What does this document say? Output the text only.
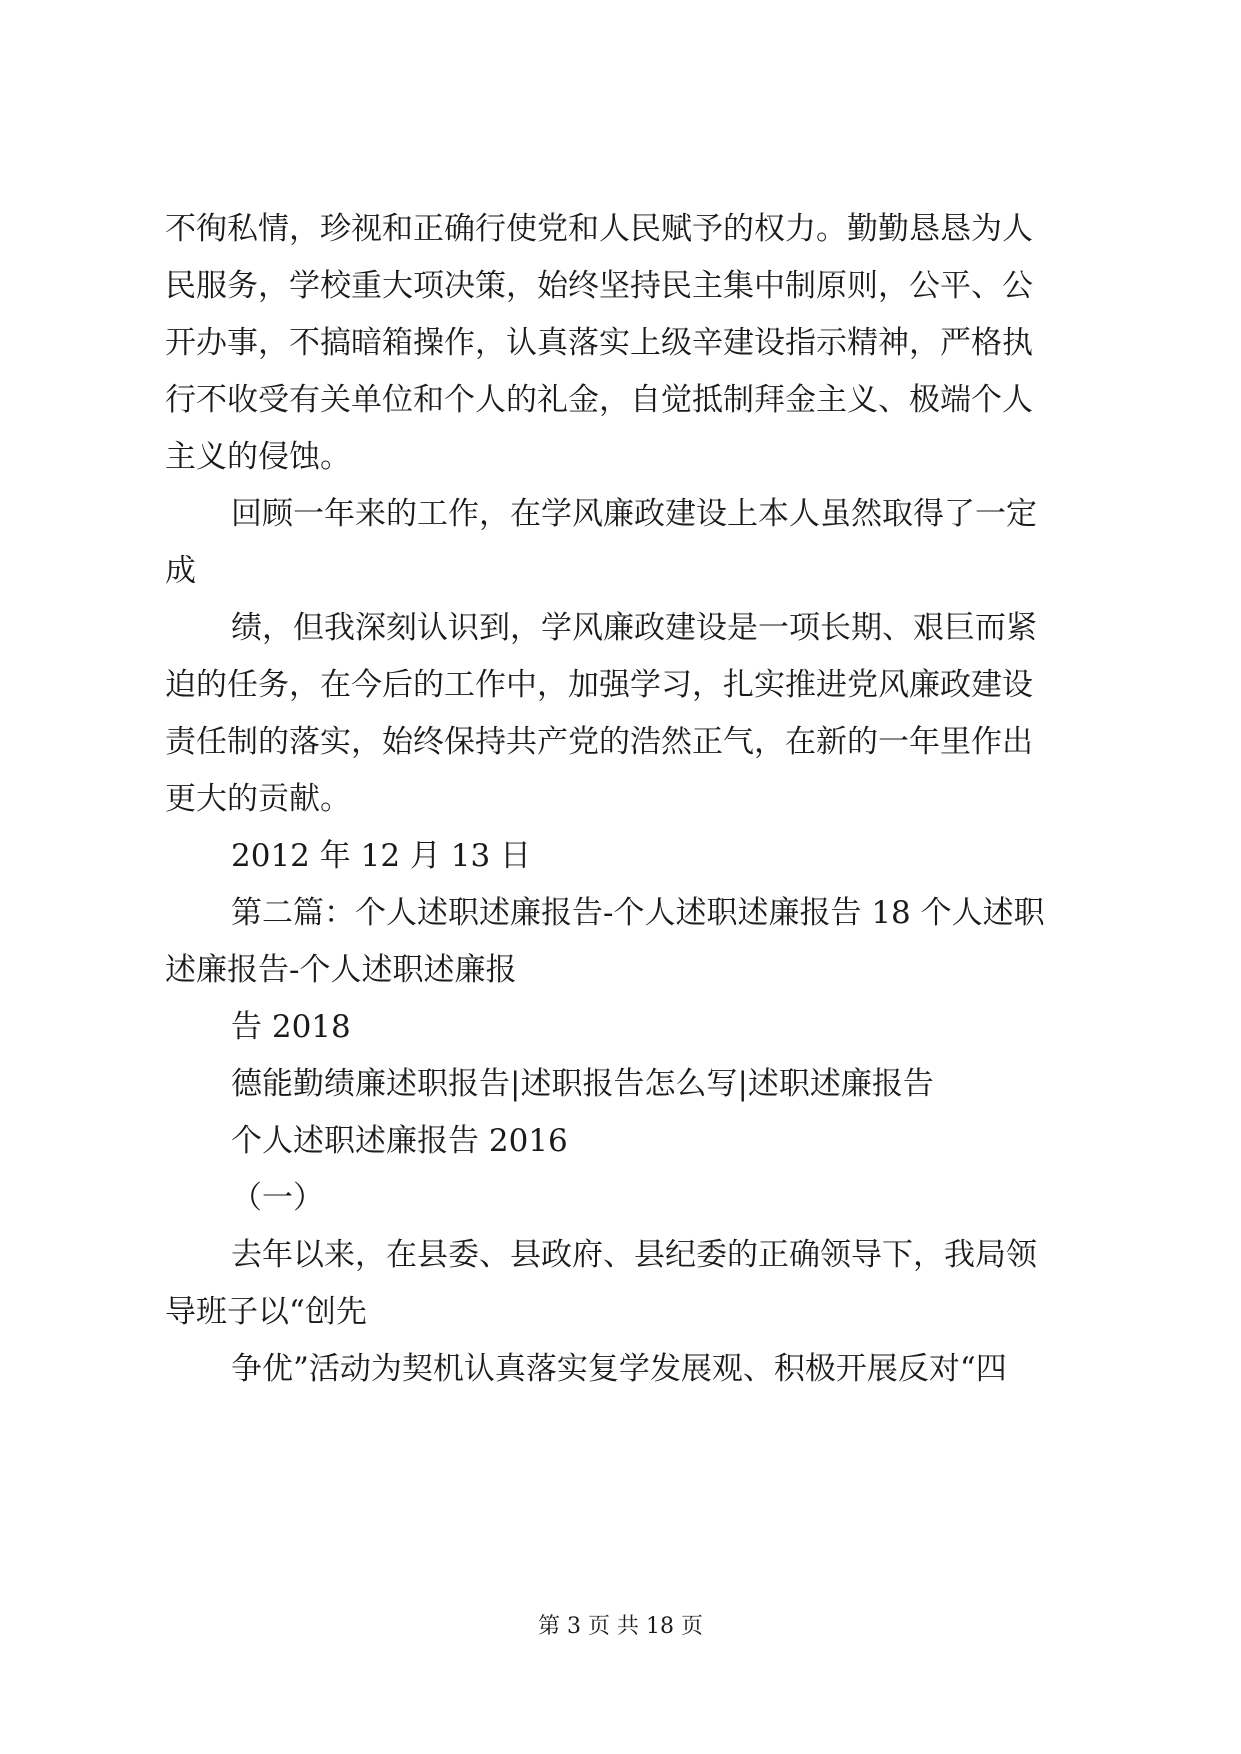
不徇私情，珍视和正确行使党和人民赋予的权力。勤勤恳恳为人
民服务，学校重大项决策，始终坚持民主集中制原则，公平、公
开办事，不搞暗箱操作，认真落实上级辛建设指示精神，严格执
行不收受有关单位和个人的礼金，自觉抵制拜金主义、极端个人
主义的侵蚀。
回顾一年来的工作，在学风廉政建设上本人虽然取得了一定
成
绩，但我深刻认识到，学风廉政建设是一项长期、艰巨而紧
迫的任务，在今后的工作中，加强学习，扎实推进党风廉政建设
责任制的落实，始终保持共产党的浩然正气，在新的一年里作出
更大的贡献。
2012 年 12 月 13 日
第二篇：个人述职述廉报告-个人述职述廉报告 18 个人述职
述廉报告-个人述职述廉报
告 2018
德能勤绩廉述职报告|述职报告怎么写|述职述廉报告
个人述职述廉报告 2016
（一）
去年以来，在县委、县政府、县纪委的正确领导下，我局领
导班子以“创先
争优”活动为契机认真落实复学发展观、积极开展反对“四
第 3 页 共 18 页
